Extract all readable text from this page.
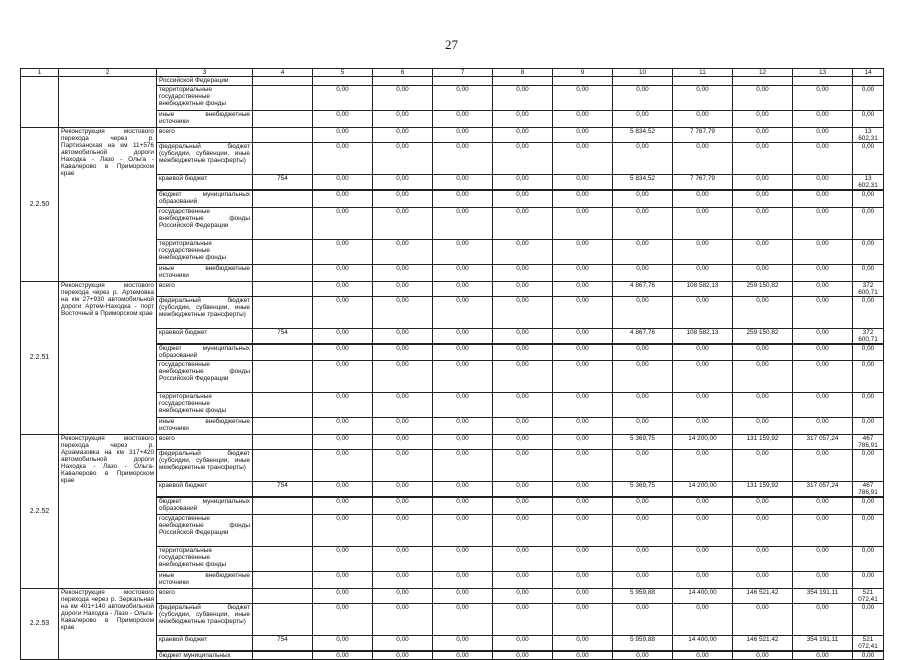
27
1	2	3	4	5	6	7	8	9	10	11	12	13	14
		Российской Федерации											
		территориальные государственные внебюджетные фонды		0,00	0,00	0,00	0,00	0,00	0,00	0,00	0,00	0,00	0,00
		иные внебюджетные источники		0,00	0,00	0,00	0,00	0,00	0,00	0,00	0,00	0,00	0,00
2.2.50	Реконструкция мостового перехода через р. Партизанская на км 11+576 автомобильной дороги Находка - Лазо - Ольга - Кавалерово в Приморском крае	всего		0,00	0,00	0,00	0,00	0,00	5 834,52	7 767,79	0,00	0,00	13 602,31
		федеральный бюджет (субсидии, субвенции, иные межбюджетные трансферты)		0,00	0,00	0,00	0,00	0,00	0,00	0,00	0,00	0,00	0,00
		краевой бюджет	754	0,00	0,00	0,00	0,00	0,00	5 834,52	7 767,79	0,00	0,00	13 602,31
		бюджет муниципальных образований		0,00	0,00	0,00	0,00	0,00	0,00	0,00	0,00	0,00	0,00
		государственные внебюджетные фонды Российской Федерации		0,00	0,00	0,00	0,00	0,00	0,00	0,00	0,00	0,00	0,00
		территориальные государственные внебюджетные фонды		0,00	0,00	0,00	0,00	0,00	0,00	0,00	0,00	0,00	0,00
		иные внебюджетные источники		0,00	0,00	0,00	0,00	0,00	0,00	0,00	0,00	0,00	0,00
2.2.51	Реконструкция мостового перехода через р. Артемовка на км 27+930 автомобильной дороги Артем-Находка - порт Восточный в Приморском крае	всего		0,00	0,00	0,00	0,00	0,00	4 867,76	108 582,13	259 150,82	0,00	372 600,71
		федеральный бюджет (субсидии, субвенции, иные межбюджетные трансферты)		0,00	0,00	0,00	0,00	0,00	0,00	0,00	0,00	0,00	0,00
		краевой бюджет	754	0,00	0,00	0,00	0,00	0,00	4 867,76	108 582,13	259 150,82	0,00	372 600,71
		бюджет муниципальных образований		0,00	0,00	0,00	0,00	0,00	0,00	0,00	0,00	0,00	0,00
		государственные внебюджетные фонды Российской Федерации		0,00	0,00	0,00	0,00	0,00	0,00	0,00	0,00	0,00	0,00
		территориальные государственные внебюджетные фонды		0,00	0,00	0,00	0,00	0,00	0,00	0,00	0,00	0,00	0,00
		иные внебюджетные источники		0,00	0,00	0,00	0,00	0,00	0,00	0,00	0,00	0,00	0,00
2.2.52	Реконструкция мостового перехода через р. Арзамазовка на км 317+420 автомобильной дороги Находка - Лазо - Ольга- Кавалерово в Приморском крае	всего		0,00	0,00	0,00	0,00	0,00	5 369,75	14 200,00	131 159,92	317 057,24	467 786,91
		федеральный бюджет (субсидии, субвенции, иные межбюджетные трансферты)		0,00	0,00	0,00	0,00	0,00	0,00	0,00	0,00	0,00	0,00
		краевой бюджет	754	0,00	0,00	0,00	0,00	0,00	5 369,75	14 200,00	131 159,92	317 057,24	467 786,91
		бюджет муниципальных образований		0,00	0,00	0,00	0,00	0,00	0,00	0,00	0,00	0,00	0,00
		государственные внебюджетные фонды Российской Федерации		0,00	0,00	0,00	0,00	0,00	0,00	0,00	0,00	0,00	0,00
		территориальные государственные внебюджетные фонды		0,00	0,00	0,00	0,00	0,00	0,00	0,00	0,00	0,00	0,00
		иные внебюджетные источники		0,00	0,00	0,00	0,00	0,00	0,00	0,00	0,00	0,00	0,00
2.2.53	Реконструкция мостового перехода через р. Зеркальная на км 401+140 автомобильной дороги Находка - Лазо - Ольга- Кавалерово в Приморском крае	всего		0,00	0,00	0,00	0,00	0,00	5 959,88	14 400,00	146 521,42	354 191,11	521 072,41
		федеральный бюджет (субсидии, субвенции, иные межбюджетные трансферты)		0,00	0,00	0,00	0,00	0,00	0,00	0,00	0,00	0,00	0,00
		краевой бюджет	754	0,00	0,00	0,00	0,00	0,00	5 959,88	14 400,00	146 521,42	354 191,11	521 072,41
		бюджет муниципальных		0,00	0,00	0,00	0,00	0,00	0,00	0,00	0,00	0,00	0,00
